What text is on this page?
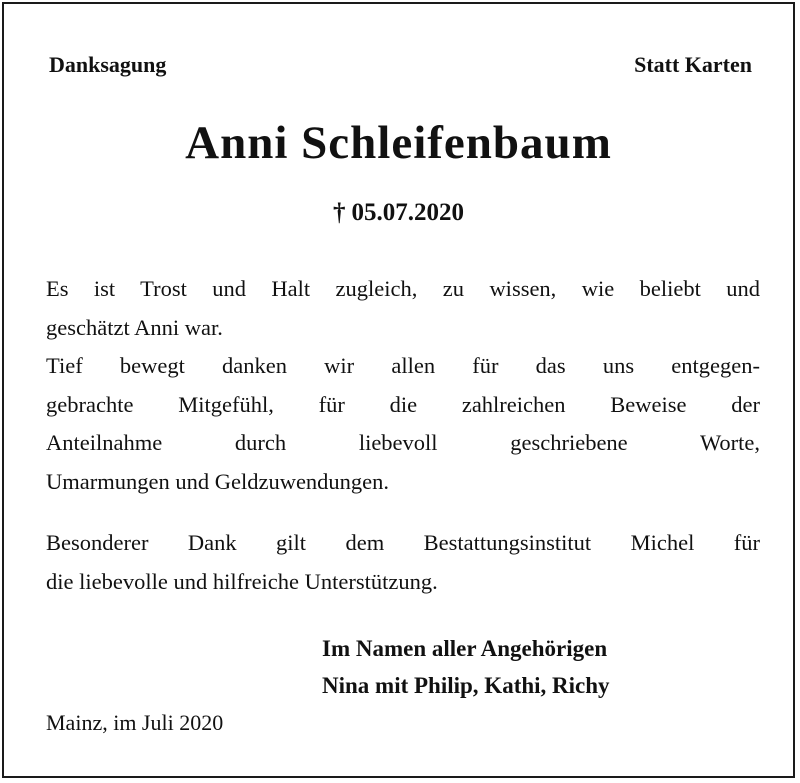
Danksagung	Statt Karten
Anni Schleifenbaum
† 05.07.2020
Es ist Trost und Halt zugleich, zu wissen, wie beliebt und
geschätzt Anni war.
Tief bewegt danken wir allen für das uns entgegen-
gebrachte Mitgefühl, für die zahlreichen Beweise der
Anteilnahme durch liebevoll geschriebene Worte,
Umarmungen und Geldzuwendungen.
Besonderer Dank gilt dem Bestattungsinstitut Michel für
die liebevolle und hilfreiche Unterstützung.
Im Namen aller Angehörigen
Nina mit Philip, Kathi, Richy
Mainz, im Juli 2020
